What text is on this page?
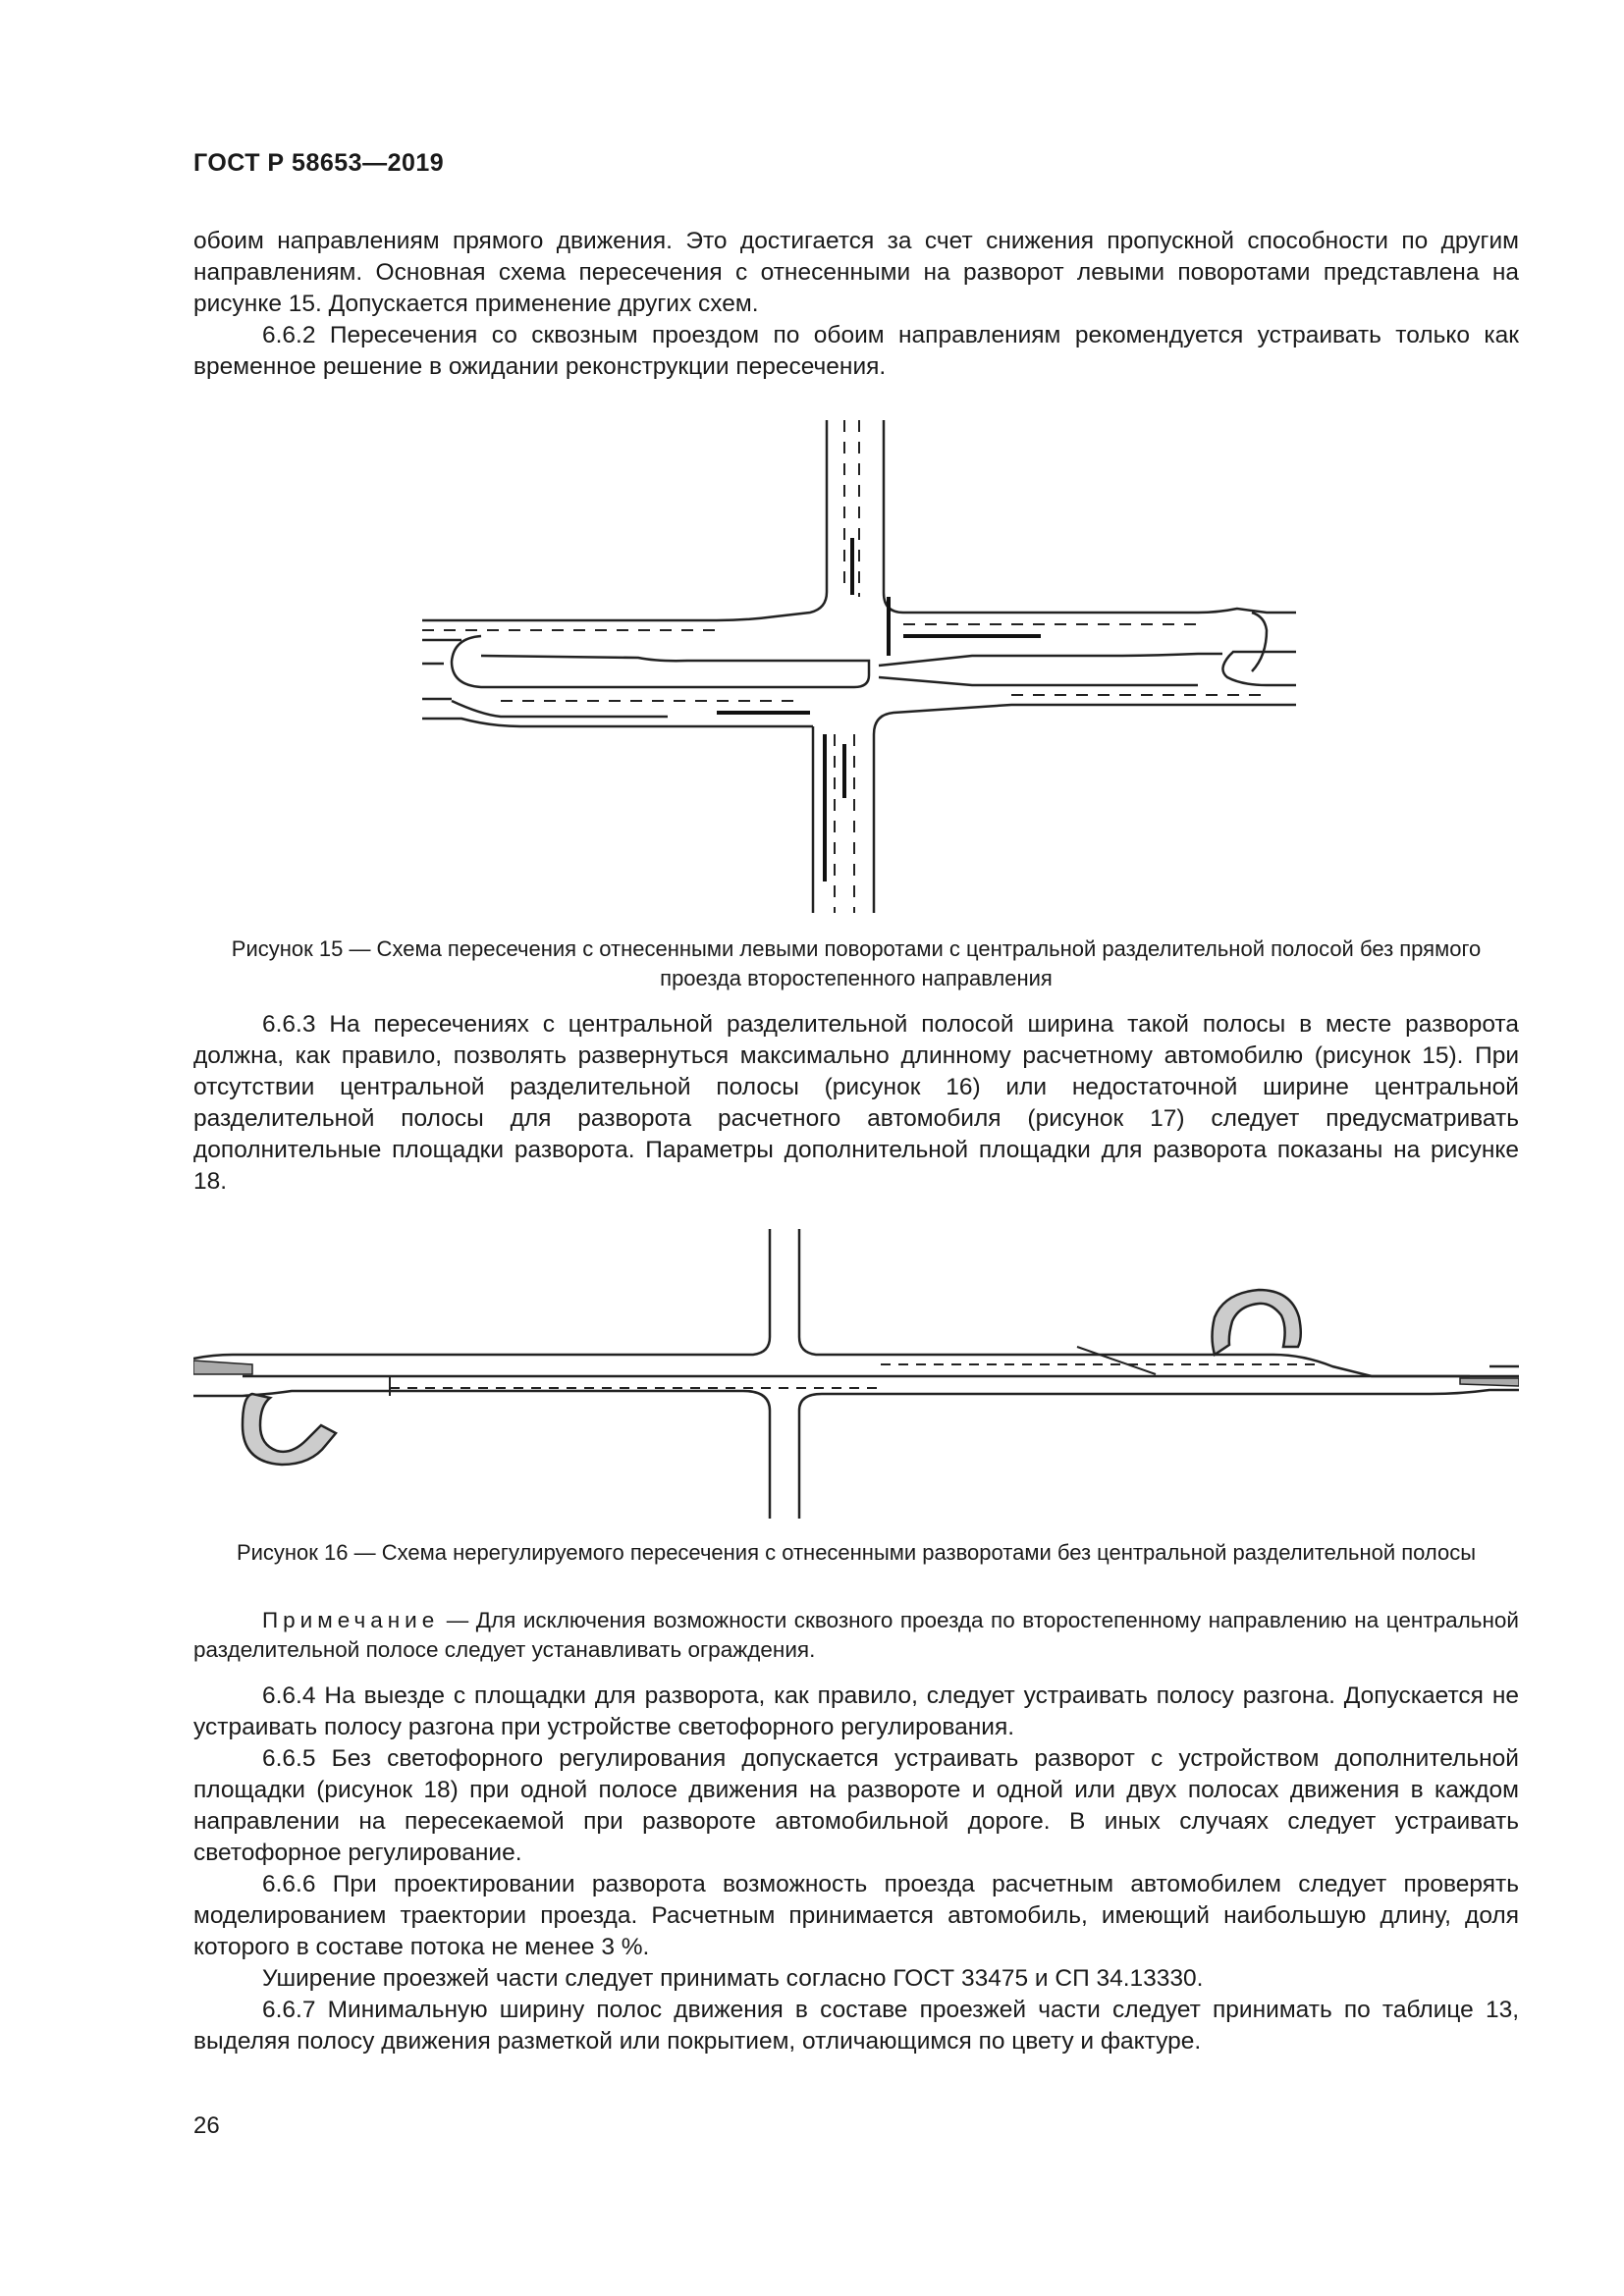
ГОСТ Р 58653—2019

обоим направлениям прямого движения. Это достигается за счет снижения пропускной способности по другим направлениям. Основная схема пересечения с отнесенными на разворот левыми поворотами представлена на рисунке 15. Допускается применение других схем.

6.6.2 Пересечения со сквозным проездом по обоим направлениям рекомендуется устраивать только как временное решение в ожидании реконструкции пересечения.

Рисунок 15 — Схема пересечения с отнесенными левыми поворотами с центральной разделительной полосой без прямого проезда второстепенного направления

6.6.3 На пересечениях с центральной разделительной полосой ширина такой полосы в месте разворота должна, как правило, позволять развернуться максимально длинному расчетному автомобилю (рисунок 15). При отсутствии центральной разделительной полосы (рисунок 16) или недостаточной ширине центральной разделительной полосы для разворота расчетного автомобиля (рисунок 17) следует предусматривать дополнительные площадки разворота. Параметры дополнительной площадки для разворота показаны на рисунке 18.

Рисунок 16 — Схема нерегулируемого пересечения с отнесенными разворотами без центральной разделительной полосы
Примечание — Для исключения возможности сквозного проезда по второстепенному направлению на центральной разделительной полосе следует устанавливать ограждения.

6.6.4 На выезде с площадки для разворота, как правило, следует устраивать полосу разгона. Допускается не устраивать полосу разгона при устройстве светофорного регулирования.

6.6.5 Без светофорного регулирования допускается устраивать разворот с устройством дополнительной площадки (рисунок 18) при одной полосе движения на развороте и одной или двух полосах движения в каждом направлении на пересекаемой при развороте автомобильной дороге. В иных случаях следует устраивать светофорное регулирование.

6.6.6 При проектировании разворота возможность проезда расчетным автомобилем следует проверять моделированием траектории проезда. Расчетным принимается автомобиль, имеющий наибольшую длину, доля которого в составе потока не менее 3 %.

Уширение проезжей части следует принимать согласно ГОСТ 33475 и СП 34.13330.

6.6.7 Минимальную ширину полос движения в составе проезжей части следует принимать по таблице 13, выделяя полосу движения разметкой или покрытием, отличающимся по цвету и фактуре.

26
